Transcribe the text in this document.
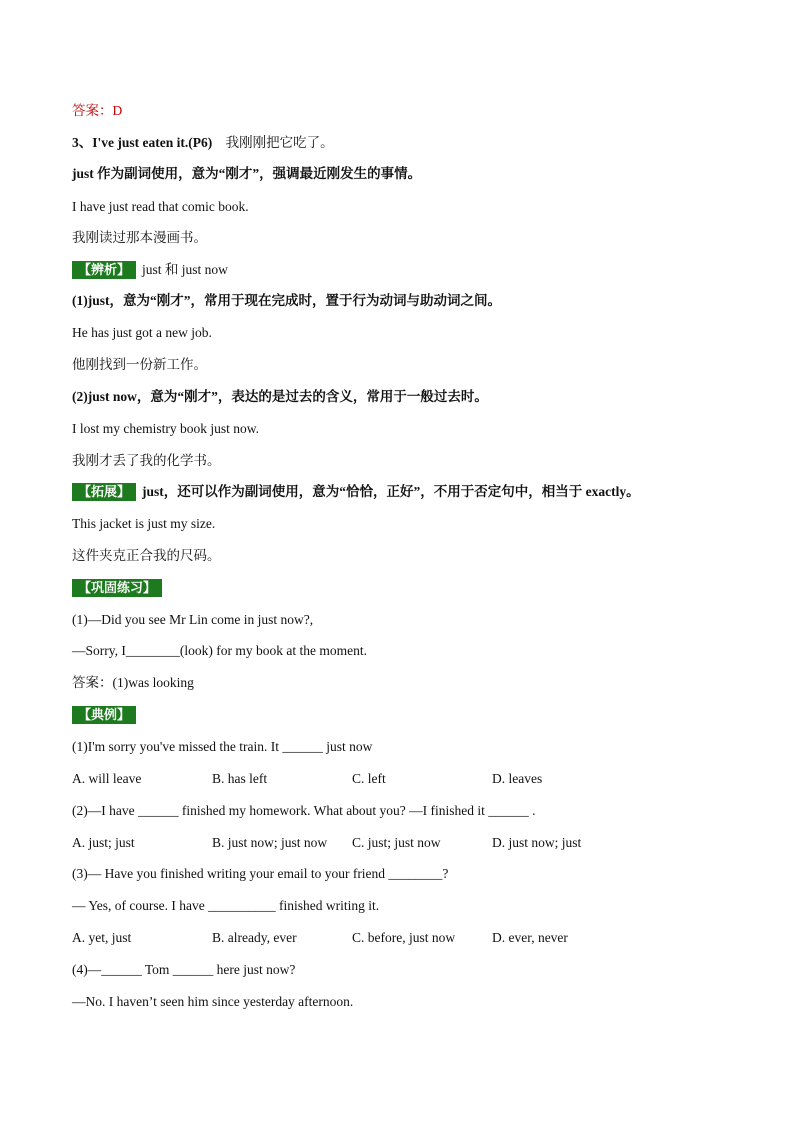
答案：D
3、I've just eaten it.(P6) 我刚刚把它吃了。
just 作为副词使用，意为“刚才”，强调最近刚发生的事情。
I have just read that comic book.
我刚读过那本漫画书。
【辨析】 just 和 just now
(1)just，意为“刚才”，常用于现在完成时，置于行为动词与助动词之间。
He has just got a new job.
他刚找到一份新工作。
(2)just now，意为“刚才”，表达的是过去的含义，常用于一般过去时。
I lost my chemistry book just now.
我刚才丢了我的化学书。
【拓展】 just，还可以作为副词使用，意为“恰恰，正好”，不用于否定句中，相当于 exactly。
This jacket is just my size.
这件夹克正合我的尺码。
【巩固练习】
(1)—Did you see Mr Lin come in just now?,
—Sorry, I________(look) for my book at the moment.
答案：(1)was looking
【典例】
(1)I'm sorry you've missed the train. It ______ just now
A. will leave	B. has left	C. left	D. leaves
(2)—I have ______ finished my homework. What about you? —I finished it ______ .
A. just; just	B. just now; just now C. just; just now	D. just now; just
(3)— Have you finished writing your email to your friend ________?
— Yes, of course. I have __________ finished writing it.
A. yet, just	B. already, ever	C. before, just now	D. ever, never
(4)—______ Tom ______ here just now?
—No. I haven’t seen him since yesterday afternoon.
